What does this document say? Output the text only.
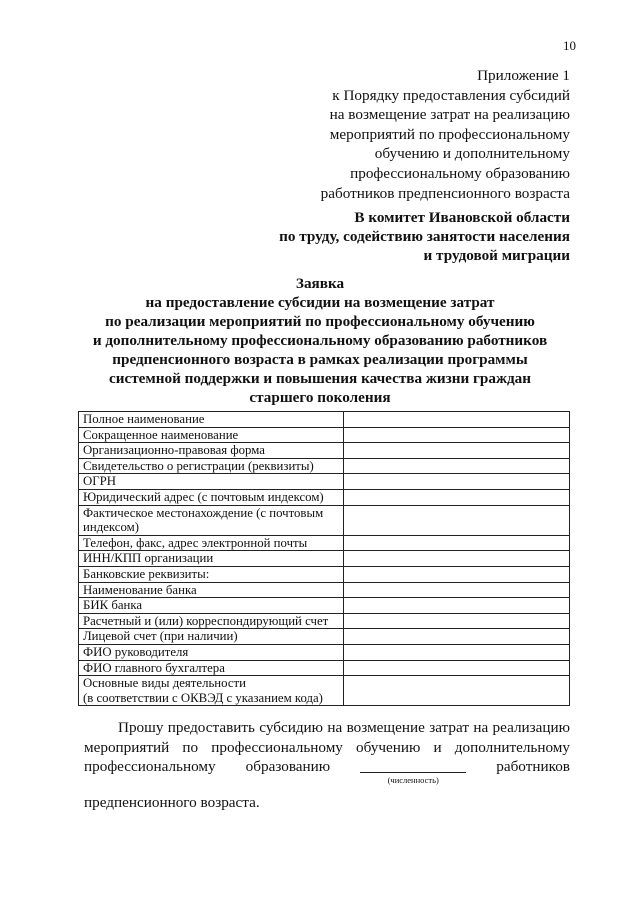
10
Приложение 1
к Порядку предоставления субсидий
на возмещение затрат на реализацию
мероприятий по профессиональному
обучению и дополнительному
профессиональному образованию
работников предпенсионного возраста
В комитет Ивановской области
по труду, содействию занятости населения
и трудовой миграции
Заявка
на предоставление субсидии на возмещение затрат
по реализации мероприятий по профессиональному обучению
и дополнительному профессиональному образованию работников
предпенсионного возраста в рамках реализации программы
системной поддержки и повышения качества жизни граждан
старшего поколения
Полное наименование	

Сокращенное наименование	

Организационно-правовая форма	

Свидетельство о регистрации (реквизиты)	

ОГРН	

Юридический адрес (с почтовым индексом)	

Фактическое местонахождение (с почтовым
индексом)	

Телефон, факс, адрес электронной почты	

ИНН/КПП организации	

Банковские реквизиты:	

Наименование банка	

БИК банка	

Расчетный и (или) корреспондирующий счет	

Лицевой счет (при наличии)	

ФИО руководителя	

ФИО главного бухгалтера	

Основные виды деятельности
(в соответствии с ОКВЭД с указанием кода)	

Прошу предоставить субсидию на возмещение затрат на реализацию
мероприятий по профессиональному обучению и дополнительному
профессиональному образованию
(численность)
работников
предпенсионного возраста.
